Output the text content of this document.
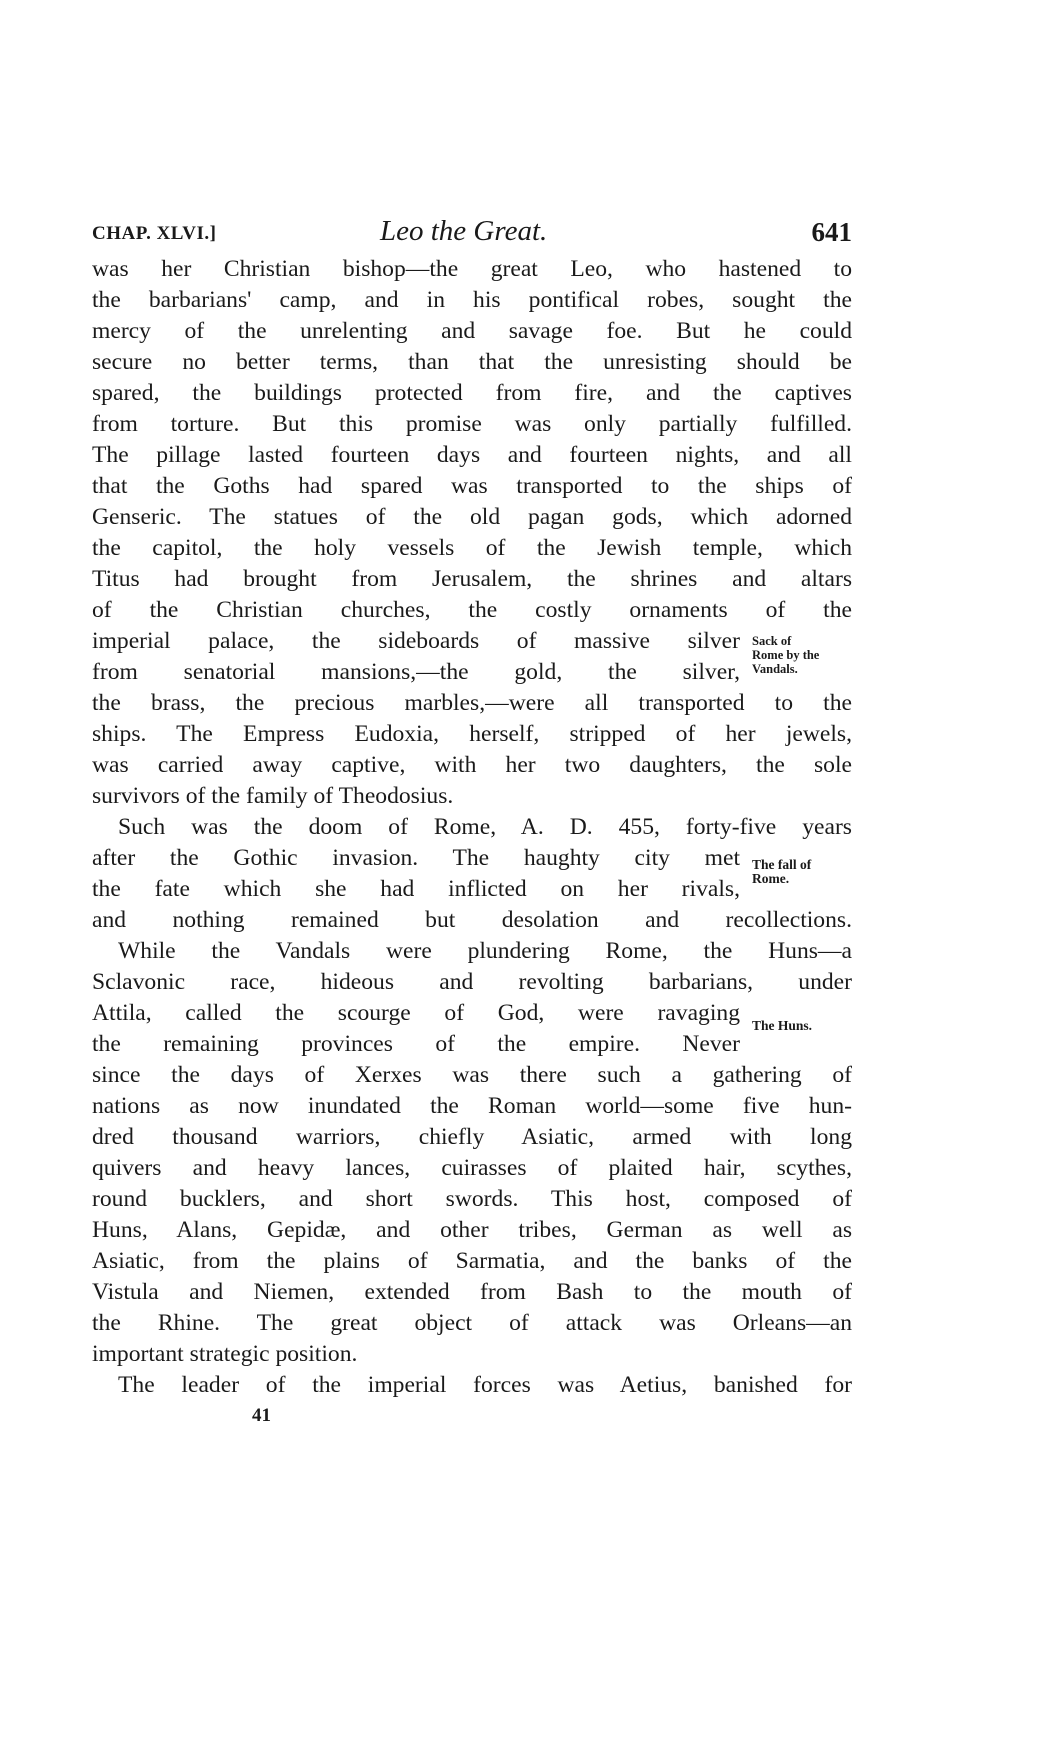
CHAP. XLVI.]	Leo the Great.	641
was her Christian bishop—the great Leo, who hastened to
the barbarians' camp, and in his pontifical robes, sought the
mercy of the unrelenting and savage foe. But he could
secure no better terms, than that the unresisting should be
spared, the buildings protected from fire, and the captives
from torture. But this promise was only partially fulfilled.
The pillage lasted fourteen days and fourteen nights, and all
that the Goths had spared was transported to the ships of
Genseric. The statues of the old pagan gods, which adorned
the capitol, the holy vessels of the Jewish temple, which
Titus had brought from Jerusalem, the shrines and altars
of the Christian churches, the costly ornaments of the
imperial palace, the sideboards of massive silver
from senatorial mansions,—the gold, the silver,
the brass, the precious marbles,—were all transported to the
ships. The Empress Eudoxia, herself, stripped of her jewels,
was carried away captive, with her two daughters, the sole
survivors of the family of Theodosius.
Such was the doom of Rome, A. D. 455, forty-five years
after the Gothic invasion. The haughty city met
the fate which she had inflicted on her rivals,
and nothing remained but desolation and recollections.
While the Vandals were plundering Rome, the Huns—a
Sclavonic race, hideous and revolting barbarians, under
Attila, called the scourge of God, were ravaging
the remaining provinces of the empire. Never
since the days of Xerxes was there such a gathering of
nations as now inundated the Roman world—some five hun-
dred thousand warriors, chiefly Asiatic, armed with long
quivers and heavy lances, cuirasses of plaited hair, scythes,
round bucklers, and short swords. This host, composed of
Huns, Alans, Gepidæ, and other tribes, German as well as
Asiatic, from the plains of Sarmatia, and the banks of the
Vistula and Niemen, extended from Bash to the mouth of
the Rhine. The great object of attack was Orleans—an
important strategic position.
The leader of the imperial forces was Aetius, banished for
Sack of
Rome by the
Vandals.
The fall of
Rome.
The Huns.
41
